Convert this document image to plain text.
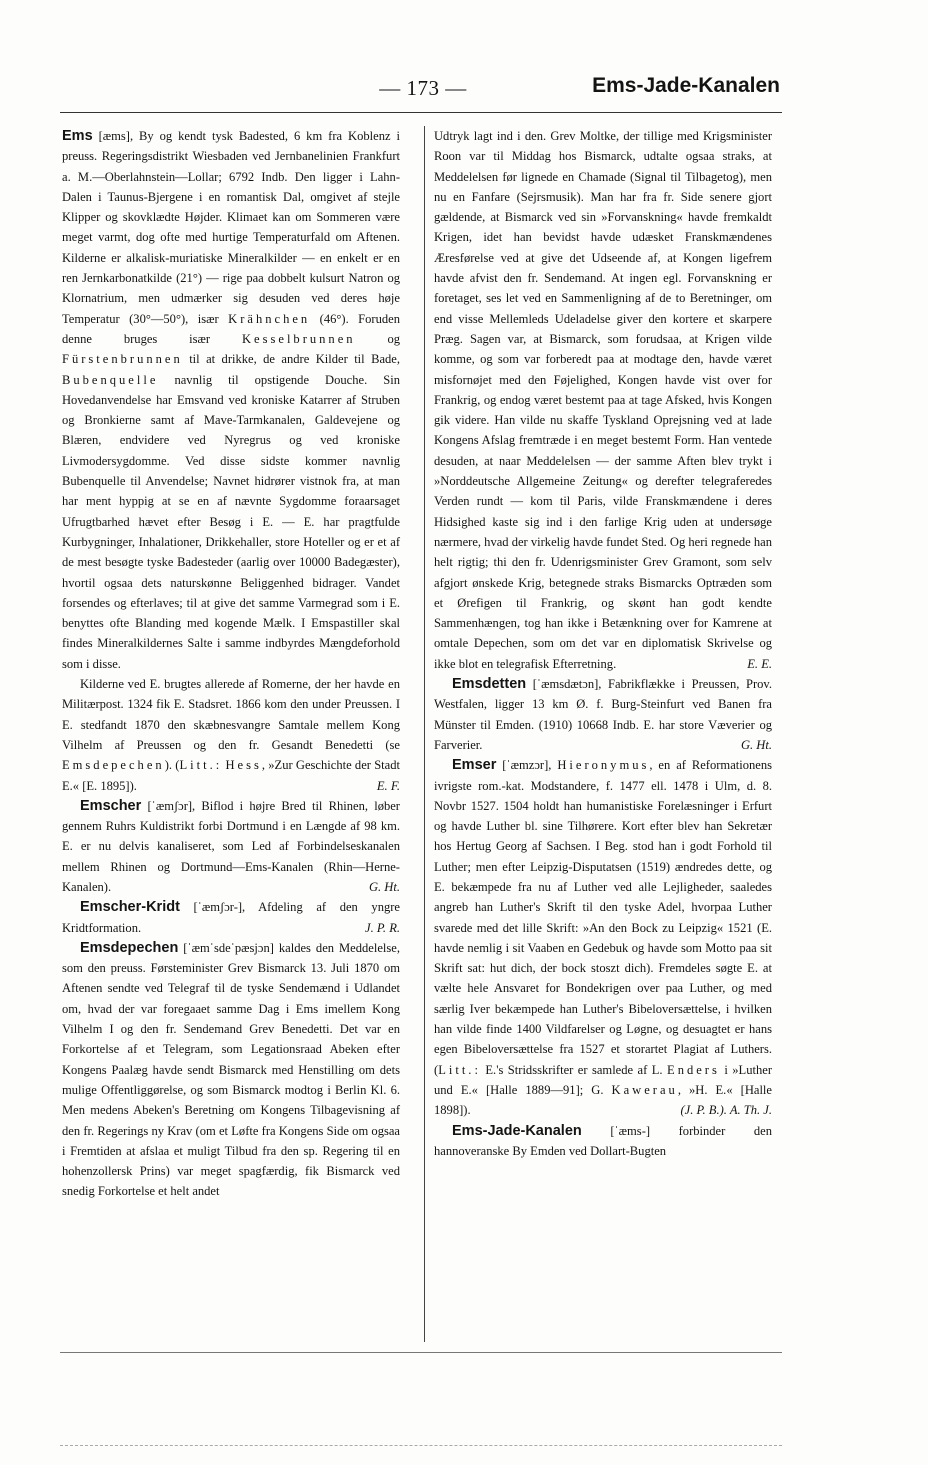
— 173 —	Ems-Jade-Kanalen

Ems [æms], By og kendt tysk Badested, 6 km fra Koblenz i preuss. Regeringsdistrikt Wiesbaden ved Jernbanelinien Frankfurt a. M.—Oberlahnstein—Lollar; 6792 Indb. Den ligger i Lahn-Dalen i Taunus-Bjergene i en romantisk Dal, omgivet af stejle Klipper og skovklædte Højder. Klimaet kan om Sommeren være meget varmt, dog ofte med hurtige Temperaturfald om Aftenen. Kilderne er alkalisk-muriatiske Mineralkilder — en enkelt er en ren Jernkarbonatkilde (21°) — rige paa dobbelt kulsurt Natron og Klornatrium, men udmærker sig desuden ved deres høje Temperatur (30°—50°), især Krähnchen (46°). Foruden denne bruges især Kesselbrunnen og Fürstenbrunnen til at drikke, de andre Kilder til Bade, Bubenquelle navnlig til opstigende Douche. Sin Hovedanvendelse har Emsvand ved kroniske Katarrer af Struben og Bronkierne samt af Mave-Tarmkanalen, Galdevejene og Blæren, endvidere ved Nyregrus og ved kroniske Livmodersygdomme. Ved disse sidste kommer navnlig Bubenquelle til Anvendelse; Navnet hidrører vistnok fra, at man har ment hyppig at se en af nævnte Sygdomme foraarsaget Ufrugtbarhed hævet efter Besøg i E. — E. har pragtfulde Kurbygninger, Inhalationer, Drikkehaller, store Hoteller og er et af de mest besøgte tyske Badesteder (aarlig over 10000 Badegæster), hvortil ogsaa dets naturskønne Beliggenhed bidrager. Vandet forsendes og efterlaves; til at give det samme Varmegrad som i E. benyttes ofte Blanding med kogende Mælk. I Emspastiller skal findes Mineralkildernes Salte i samme indbyrdes Mængdeforhold som i disse.

Kilderne ved E. brugtes allerede af Romerne, der her havde en Militærpost. 1324 fik E. Stadsret. 1866 kom den under Preussen. I E. stedfandt 1870 den skæbnesvangre Samtale mellem Kong Vilhelm af Preussen og den fr. Gesandt Benedetti (se Emsdepechen). (Litt.: Hess, »Zur Geschichte der Stadt E.« [E. 1895]).	E. F.

Emscher [ˈæmʃɔr], Biflod i højre Bred til Rhinen, løber gennem Ruhrs Kuldistrikt forbi Dortmund i en Længde af 98 km. E. er nu delvis kanaliseret, som Led af Forbindelseskanalen mellem Rhinen og Dortmund—Ems-Kanalen (Rhin—Herne-Kanalen).	G. Ht.

Emscher-Kridt [ˈæmʃɔr-], Afdeling af den yngre Kridtformation.	J. P. R.

Emsdepechen [ˈæmˈsdeˈpæsjɔn] kaldes den Meddelelse, som den preuss. Førsteminister Grev Bismarck 13. Juli 1870 om Aftenen sendte ved Telegraf til de tyske Sendemænd i Udlandet om, hvad der var foregaaet samme Dag i Ems imellem Kong Vilhelm I og den fr. Sendemand Grev Benedetti. Det var en Forkortelse af et Telegram, som Legationsraad Abeken efter Kongens Paalæg havde sendt Bismarck med Henstilling om dets mulige Offentliggørelse, og som Bismarck modtog i Berlin Kl. 6. Men medens Abeken's Beretning om Kongens Tilbagevisning af den fr. Regerings ny Krav (om et Løfte fra Kongens Side om ogsaa i Fremtiden at afslaa et muligt Tilbud fra den sp. Regering til en hohenzollersk Prins) var meget spagfærdig, fik Bismarck ved snedig Forkortelse et helt andet

Udtryk lagt ind i den. Grev Moltke, der tillige med Krigsminister Roon var til Middag hos Bismarck, udtalte ogsaa straks, at Meddelelsen før lignede en Chamade (Signal til Tilbagetog), men nu en Fanfare (Sejrsmusik). Man har fra fr. Side senere gjort gældende, at Bismarck ved sin »Forvanskning« havde fremkaldt Krigen, idet han bevidst havde udæsket Franskmændenes Æresførelse ved at give det Udseende af, at Kongen ligefrem havde afvist den fr. Sendemand. At ingen egl. Forvanskning er foretaget, ses let ved en Sammenligning af de to Beretninger, om end visse Mellemleds Udeladelse giver den kortere et skarpere Præg. Sagen var, at Bismarck, som forudsaa, at Krigen vilde komme, og som var forberedt paa at modtage den, havde været misfornøjet med den Føjelighed, Kongen havde vist over for Frankrig, og endog været bestemt paa at tage Afsked, hvis Kongen gik videre. Han vilde nu skaffe Tyskland Oprejsning ved at lade Kongens Afslag fremtræde i en meget bestemt Form. Han ventede desuden, at naar Meddelelsen — der samme Aften blev trykt i »Norddeutsche Allgemeine Zeitung« og derefter telegraferedes Verden rundt — kom til Paris, vilde Franskmændene i deres Hidsighed kaste sig ind i den farlige Krig uden at undersøge nærmere, hvad der virkelig havde fundet Sted. Og heri regnede han helt rigtig; thi den fr. Udenrigsminister Grev Gramont, som selv afgjort ønskede Krig, betegnede straks Bismarcks Optræden som et Ørefigen til Frankrig, og skønt han godt kendte Sammenhængen, tog han ikke i Betænkning over for Kamrene at omtale Depechen, som om det var en diplomatisk Skrivelse og ikke blot en telegrafisk Efterretning.	E. E.

Emsdetten [ˈæmsdætɔn], Fabrikflække i Preussen, Prov. Westfalen, ligger 13 km Ø. f. Burg-Steinfurt ved Banen fra Münster til Emden. (1910) 10668 Indb. E. har store Væverier og Farverier.	G. Ht.

Emser [ˈæmzɔr], Hieronymus, en af Reformationens ivrigste rom.-kat. Modstandere, f. 1477 ell. 1478 i Ulm, d. 8. Novbr 1527. 1504 holdt han humanistiske Forelæsninger i Erfurt og havde Luther bl. sine Tilhørere. Kort efter blev han Sekretær hos Hertug Georg af Sachsen. I Beg. stod han i godt Forhold til Luther; men efter Leipzig-Disputatsen (1519) ændredes dette, og E. bekæmpede fra nu af Luther ved alle Lejligheder, saaledes angreb han Luther's Skrift til den tyske Adel, hvorpaa Luther svarede med det lille Skrift: »An den Bock zu Leipzig« 1521 (E. havde nemlig i sit Vaaben en Gedebuk og havde som Motto paa sit Skrift sat: hut dich, der bock stoszt dich). Fremdeles søgte E. at vælte hele Ansvaret for Bondekrigen over paa Luther, og med særlig Iver bekæmpede han Luther's Bibeloversættelse, i hvilken han vilde finde 1400 Vildfarelser og Løgne, og desuagtet er hans egen Bibeloversættelse fra 1527 et storartet Plagiat af Luthers. (Litt.: E.'s Stridsskrifter er samlede af L. Enders i »Luther und E.« [Halle 1889—91]; G. Kawerau, »H. E.« [Halle 1898]).	(J. P. B.). A. Th. J.

Ems-Jade-Kanalen [ˈæms-] forbinder den hannoveranske By Emden ved Dollart-Bugten
